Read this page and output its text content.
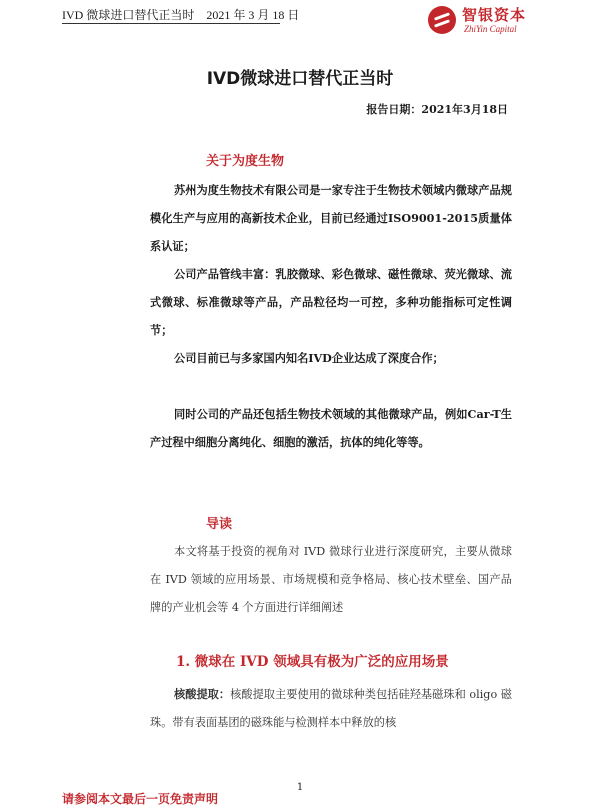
IVD 微球进口替代正当时　2021 年 3 月 18 日	智银资本
ZhiYin Capital
IVD微球进口替代正当时
报告日期：2021年3月18日
关于为度生物

苏州为度生物技术有限公司是一家专注于生物技术领域内微球产品规模化生产与应用的高新技术企业，目前已经通过ISO9001-2015质量体系认证；

公司产品管线丰富：乳胶微球、彩色微球、磁性微球、荧光微球、流式微球、标准微球等产品，产品粒径均一可控，多种功能指标可定性调节；

公司目前已与多家国内知名IVD企业达成了深度合作；

同时公司的产品还包括生物技术领域的其他微球产品，例如Car-T生产过程中细胞分离纯化、细胞的激活，抗体的纯化等等。

导读

本文将基于投资的视角对 IVD 微球行业进行深度研究，主要从微球在 IVD 领域的应用场景、市场规模和竞争格局、核心技术壁垒、国产品牌的产业机会等 4 个方面进行详细阐述

1. 微球在 IVD 领域具有极为广泛的应用场景

核酸提取：核酸提取主要使用的微球种类包括硅羟基磁珠和 oligo 磁珠。带有表面基团的磁珠能与检测样本中释放的核

1
请参阅本文最后一页免责声明
